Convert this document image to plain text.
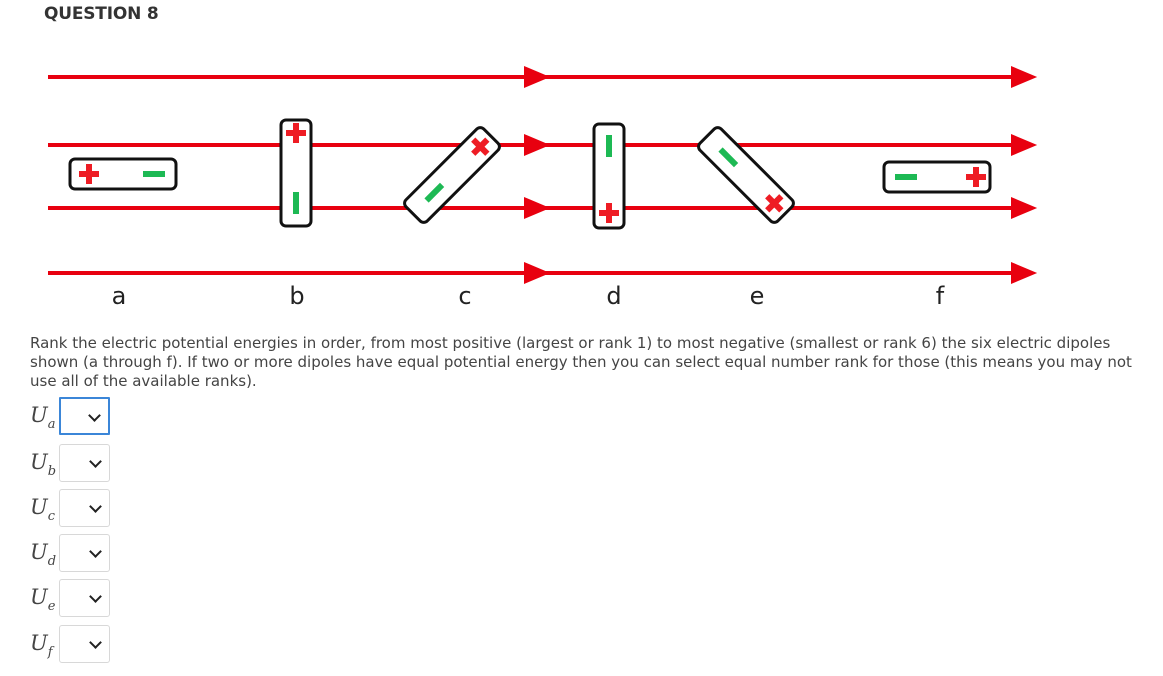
QUESTION 8
a	b	c	d	e	f
Rank the electric potential energies in order, from most positive (largest or rank 1) to most negative (smallest or rank 6) the six electric dipoles shown (a through f). If two or more dipoles have equal potential energy then you can select equal number rank for those (this means you may not use all of the available ranks).
$U_a$
$U_b$
$U_c$
$U_d$
$U_e$
$U_f$
